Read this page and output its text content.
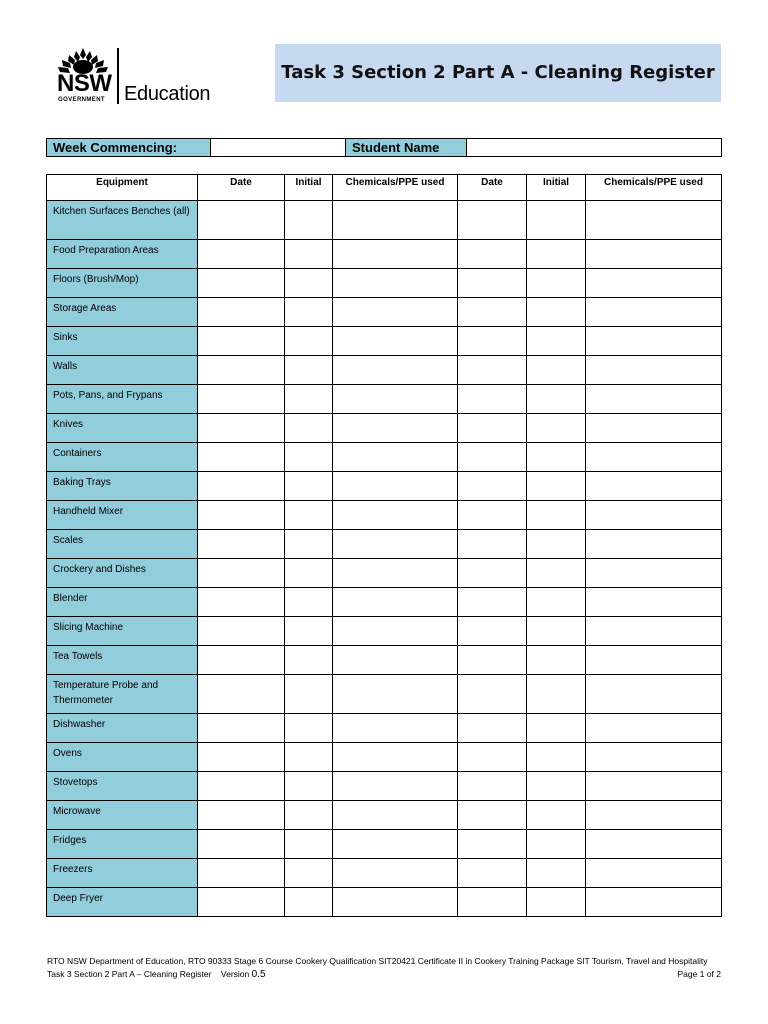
NSW
GOVERNMENT Education
Task 3 Section 2 Part A - Cleaning Register
Week Commencing:		Student Name	
Equipment	Date	Initial	Chemicals/PPE used	Date	Initial	Chemicals/PPE used
Kitchen Surfaces Benches (all)						
Food Preparation Areas						
Floors (Brush/Mop)						
Storage Areas						
Sinks						
Walls						
Pots, Pans, and Frypans						
Knives						
Containers						
Baking Trays						
Handheld Mixer						
Scales						
Crockery and Dishes						
Blender						
Slicing Machine						
Tea Towels						
Temperature Probe and Thermometer						
Dishwasher						
Ovens						
Stovetops						
Microwave						
Fridges						
Freezers						
Deep Fryer						
RTO NSW Department of Education, RTO 90333 Stage 6 Course Cookery Qualification SIT20421 Certificate II in Cookery Training Package SIT Tourism, Travel and Hospitality
Task 3 Section 2 Part A – Cleaning Register Version 0.5	Page 1 of 2
